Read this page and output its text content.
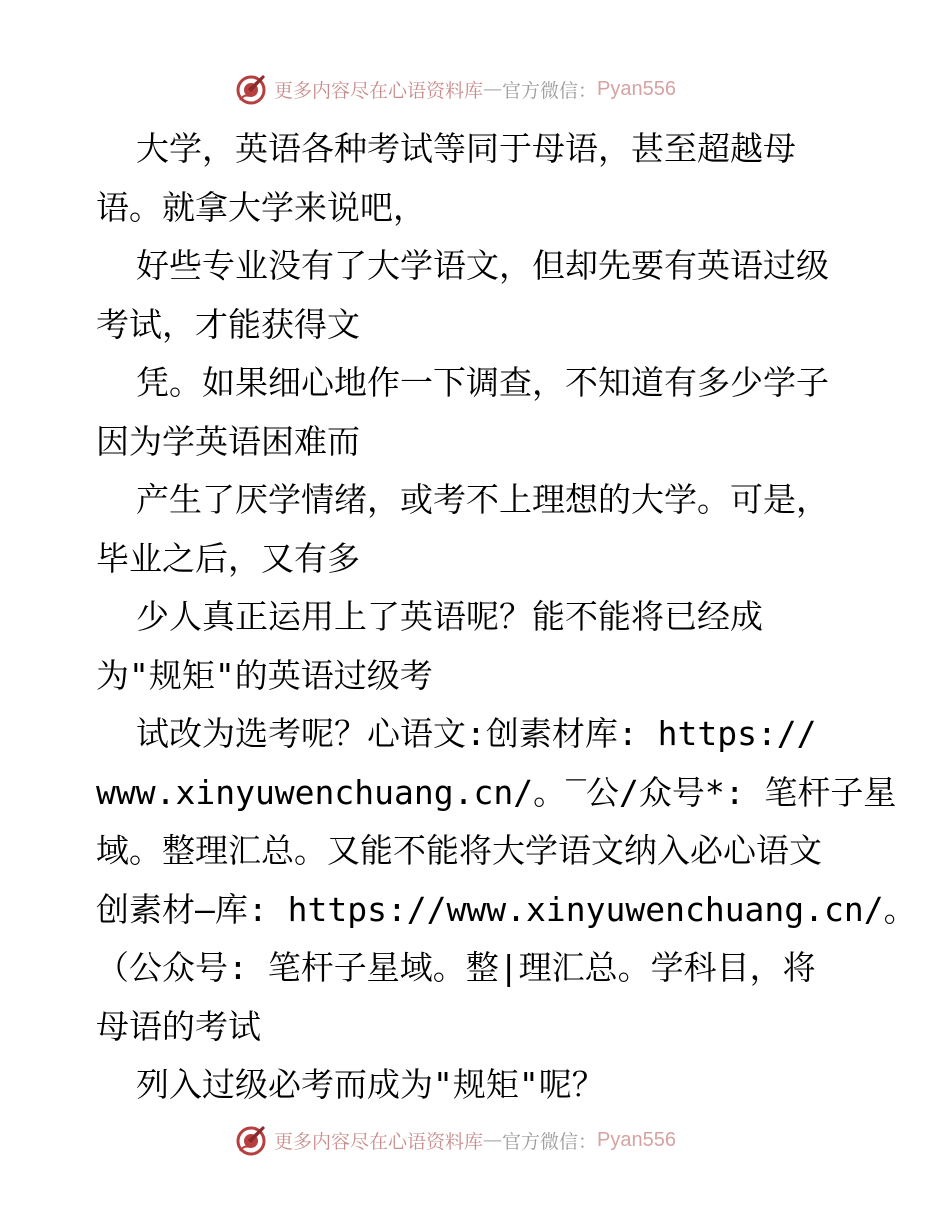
更多内容尽在心语资料库 — 官方微信： Pyan556
大学，英语各种考试等同于母语，甚至超越母
语。就拿大学来说吧，
好些专业没有了大学语文，但却先要有英语过级
考试，才能获得文
凭。如果细心地作一下调查，不知道有多少学子
因为学英语困难而
产生了厌学情绪，或考不上理想的大学。可是，
毕业之后，又有多
少人真正运用上了英语呢？能不能将已经成
为"规矩"的英语过级考
试改为选考呢？心语文:创素材库: https://
www.xinyuwenchuang.cn/。‾公/众号*: 笔杆子星
域。整理汇总。又能不能将大学语文纳入必心语文
创素材—库: https://www.xinyuwenchuang.cn/。
（公众号: 笔杆子星域。整|理汇总。学科目，将
母语的考试
列入过级必考而成为"规矩"呢？
更多内容尽在心语资料库 — 官方微信： Pyan556
